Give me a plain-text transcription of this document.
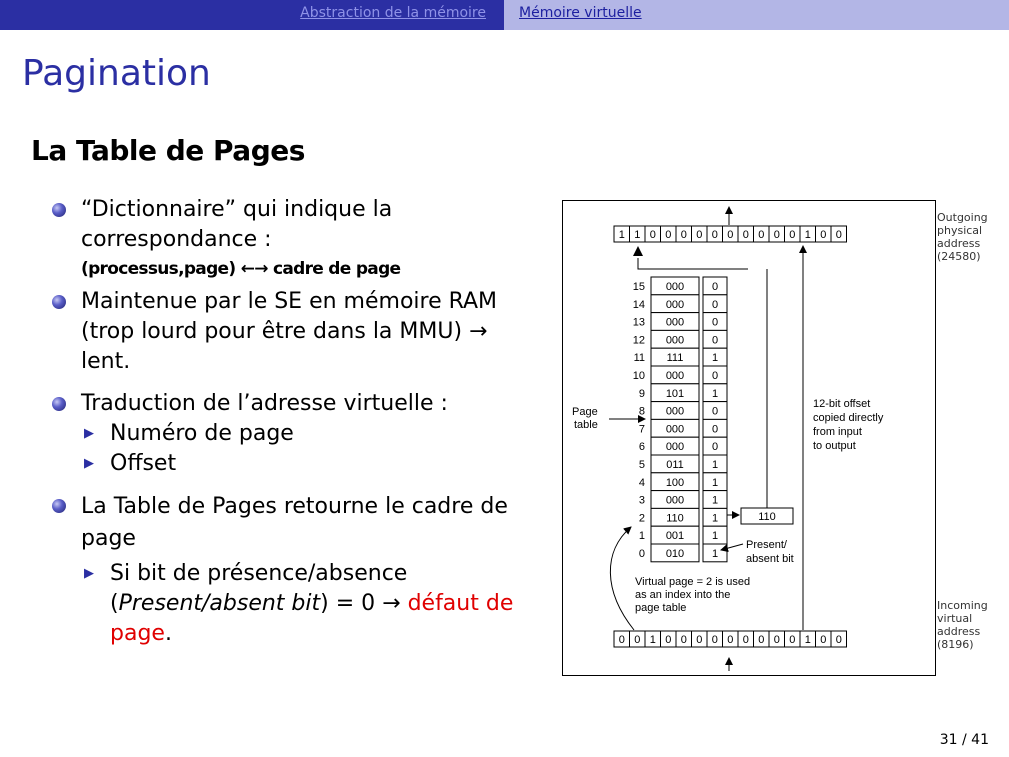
Abstraction de la mémoire Mémoire virtuelle
Pagination
La Table de Pages
“Dictionnaire” qui indique la correspondance :
(processus,page) ←→ cadre de page
Maintenue par le SE en mémoire RAM (trop lourd pour être dans la MMU) → lent.
Traduction de l’adresse virtuelle :
▶ Numéro de page
▶ Offset
La Table de Pages retourne le cadre de page
▶ Si bit de présence/absence (Present/absent bit) = 0 → défaut de page.
1 1 0 0 0 0 0 0 0 0 0 0 1 0 0
0 0 1 0 0 0 0 0 0 0 0 0 1 0 0
15 000	0
14 000	0
13 000	0
12 000	0
11 111	1
10 000	0
9 101	1
8 000	0
7 000	0
6 000	0
5 011	1
4 100	1
3 000	1
2 110	1
1 001	1
0 010	1
110
Page table
12-bit offset copied directly from input to output
Present/ absent bit
Virtual page = 2 is used as an index into the page table
Outgoing physical address (24580)
Incoming virtual address (8196)
31 / 41
